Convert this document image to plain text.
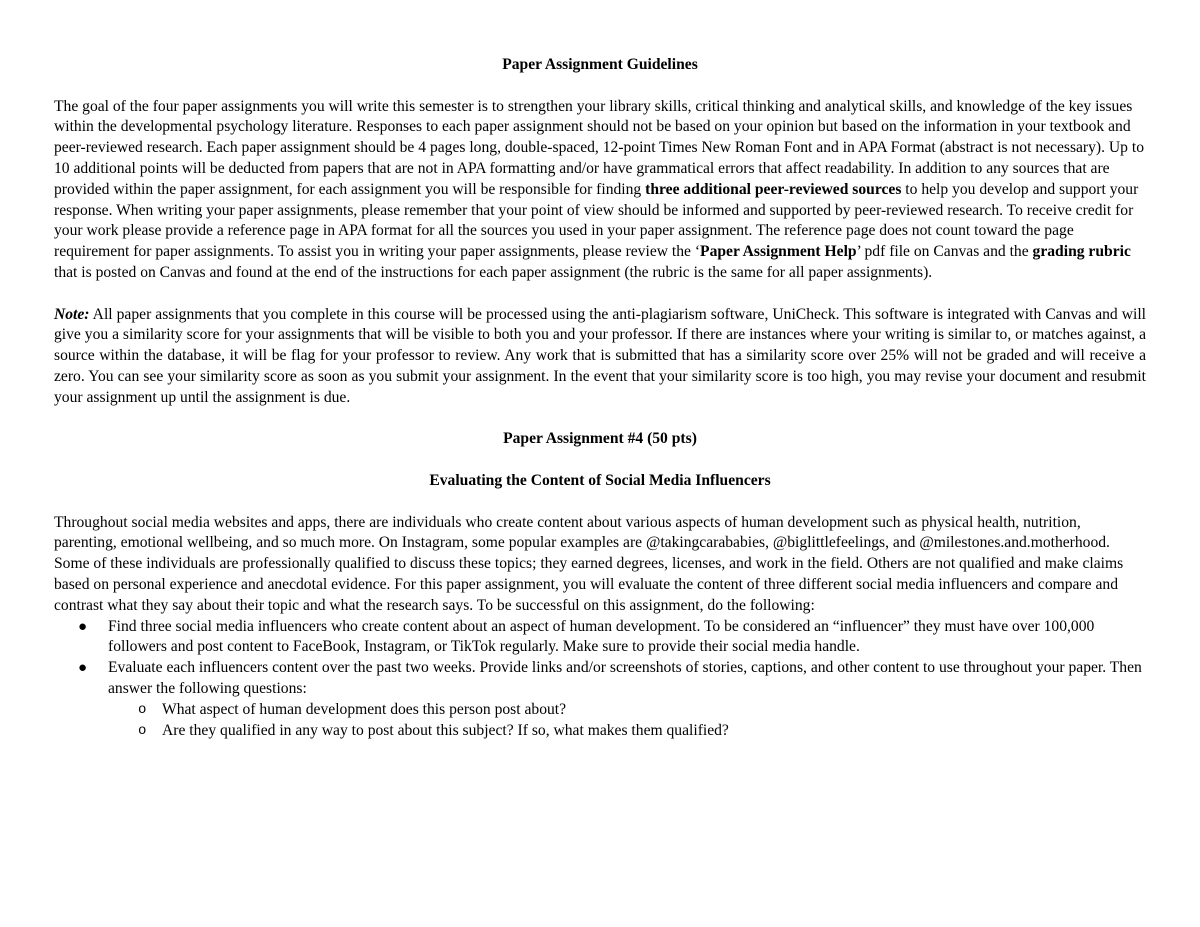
Paper Assignment Guidelines

The goal of the four paper assignments you will write this semester is to strengthen your library skills, critical thinking and analytical skills, and knowledge of the key issues within the developmental psychology literature. Responses to each paper assignment should not be based on your opinion but based on the information in your textbook and peer-reviewed research. Each paper assignment should be 4 pages long, double-spaced, 12-point Times New Roman Font and in APA Format (abstract is not necessary). Up to 10 additional points will be deducted from papers that are not in APA formatting and/or have grammatical errors that affect readability. In addition to any sources that are provided within the paper assignment, for each assignment you will be responsible for finding three additional peer-reviewed sources to help you develop and support your response. When writing your paper assignments, please remember that your point of view should be informed and supported by peer-reviewed research. To receive credit for your work please provide a reference page in APA format for all the sources you used in your paper assignment. The reference page does not count toward the page requirement for paper assignments. To assist you in writing your paper assignments, please review the ‘Paper Assignment Help’ pdf file on Canvas and the grading rubric that is posted on Canvas and found at the end of the instructions for each paper assignment (the rubric is the same for all paper assignments).

Note: All paper assignments that you complete in this course will be processed using the anti-plagiarism software, UniCheck. This software is integrated with Canvas and will give you a similarity score for your assignments that will be visible to both you and your professor. If there are instances where your writing is similar to, or matches against, a source within the database, it will be flag for your professor to review. Any work that is submitted that has a similarity score over 25% will not be graded and will receive a zero. You can see your similarity score as soon as you submit your assignment. In the event that your similarity score is too high, you may revise your document and resubmit your assignment up until the assignment is due.

Paper Assignment #4 (50 pts)
Evaluating the Content of Social Media Influencers

Throughout social media websites and apps, there are individuals who create content about various aspects of human development such as physical health, nutrition, parenting, emotional wellbeing, and so much more. On Instagram, some popular examples are @takingcarababies, @biglittlefeelings, and @milestones.and.motherhood. Some of these individuals are professionally qualified to discuss these topics; they earned degrees, licenses, and work in the field. Others are not qualified and make claims based on personal experience and anecdotal evidence. For this paper assignment, you will evaluate the content of three different social media influencers and compare and contrast what they say about their topic and what the research says. To be successful on this assignment, do the following:

● Find three social media influencers who create content about an aspect of human development. To be considered an “influencer” they must have over 100,000 followers and post content to FaceBook, Instagram, or TikTok regularly. Make sure to provide their social media handle.
● Evaluate each influencers content over the past two weeks. Provide links and/or screenshots of stories, captions, and other content to use throughout your paper. Then answer the following questions:
o What aspect of human development does this person post about?
o Are they qualified in any way to post about this subject? If so, what makes them qualified?
